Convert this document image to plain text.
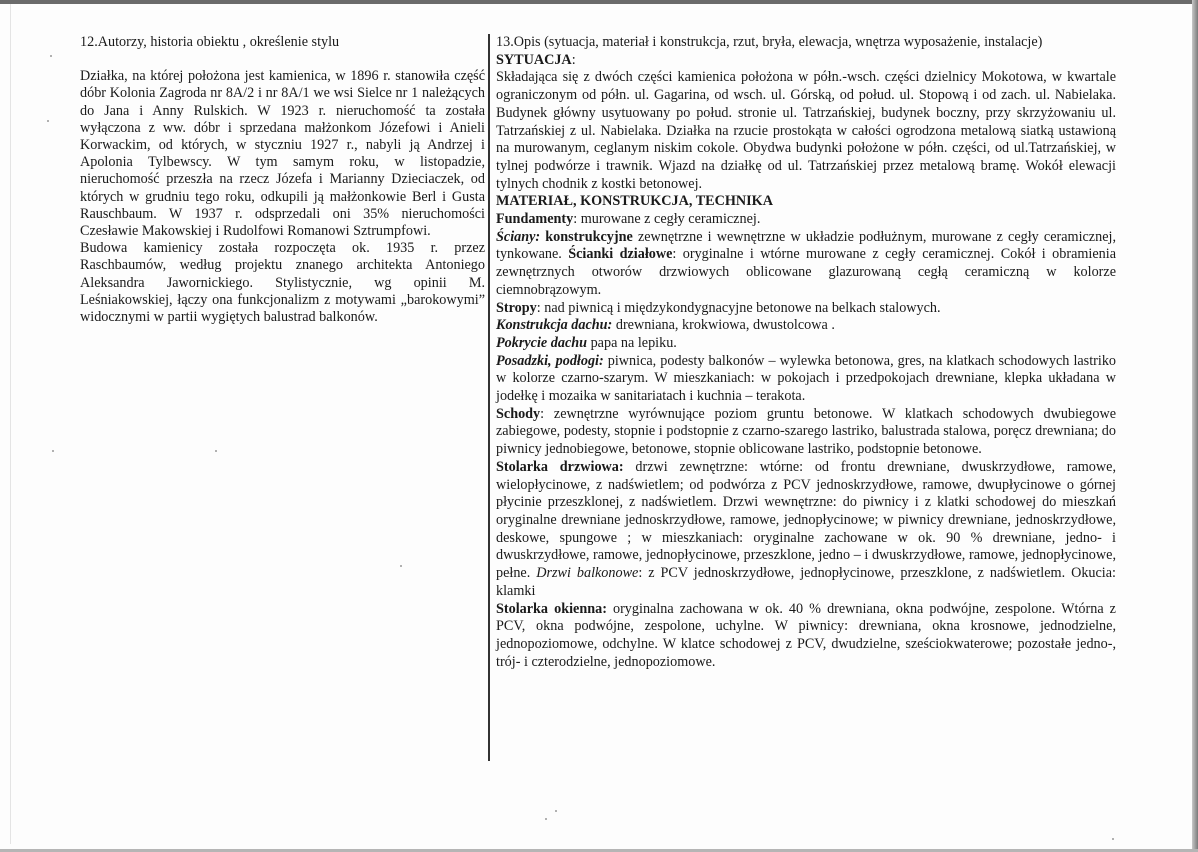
12.Autorzy, historia obiektu , określenie stylu

Działka, na której położona jest kamienica, w 1896 r. stanowiła część dóbr Kolonia Zagroda nr 8A/2 i nr 8A/1 we wsi Sielce nr 1 należących do Jana i Anny Rulskich. W 1923 r. nieruchomość ta została wyłączona z ww. dóbr i sprzedana małżonkom Józefowi i Anieli Korwackim, od których, w styczniu 1927 r., nabyli ją Andrzej i Apolonia Tylbewscy. W tym samym roku, w listopadzie, nieruchomość przeszła na rzecz Józefa i Marianny Dzieciaczek, od których w grudniu tego roku, odkupili ją małżonkowie Berl i Gusta Rauschbaum. W 1937 r. odsprzedali oni 35% nieruchomości Czesławie Makowskiej i Rudolfowi Romanowi Sztrumpfowi.

Budowa kamienicy została rozpoczęta ok. 1935 r. przez Raschbaumów, według projektu znanego architekta Antoniego Aleksandra Jawornickiego. Stylistycznie, wg opinii M. Leśniakowskiej, łączy ona funkcjonalizm z motywami „barokowymi” widocznymi w partii wygiętych balustrad balkonów.

13.Opis (sytuacja, materiał i konstrukcja, rzut, bryła, elewacja, wnętrza wyposażenie, instalacje)

SYTUACJA:

Składająca się z dwóch części kamienica położona w półn.-wsch. części dzielnicy Mokotowa, w kwartale ograniczonym od półn. ul. Gagarina, od wsch. ul. Górską, od połud. ul. Stopową i od zach. ul. Nabielaka. Budynek główny usytuowany po połud. stronie ul. Tatrzańskiej, budynek boczny, przy skrzyżowaniu ul. Tatrzańskiej z ul. Nabielaka. Działka na rzucie prostokąta w całości ogrodzona metalową siatką ustawioną na murowanym, ceglanym niskim cokole. Obydwa budynki położone w półn. części, od ul.Tatrzańskiej, w tylnej podwórze i trawnik. Wjazd na działkę od ul. Tatrzańskiej przez metalową bramę. Wokół elewacji tylnych chodnik z kostki betonowej.

MATERIAŁ, KONSTRUKCJA, TECHNIKA

Fundamenty: murowane z cegły ceramicznej.

Ściany: konstrukcyjne zewnętrzne i wewnętrzne w układzie podłużnym, murowane z cegły ceramicznej, tynkowane. Ścianki działowe: oryginalne i wtórne murowane z cegły ceramicznej. Cokół i obramienia zewnętrznych otworów drzwiowych oblicowane glazurowaną cegłą ceramiczną w kolorze ciemnobrązowym.

Stropy: nad piwnicą i międzykondygnacyjne betonowe na belkach stalowych.

Konstrukcja dachu: drewniana, krokwiowa, dwustolcowa .

Pokrycie dachu papa na lepiku.

Posadzki, podłogi: piwnica, podesty balkonów – wylewka betonowa, gres, na klatkach schodowych lastriko w kolorze czarno-szarym. W mieszkaniach: w pokojach i przedpokojach drewniane, klepka układana w jodełkę i mozaika w sanitariatach i kuchnia – terakota.

Schody: zewnętrzne wyrównujące poziom gruntu betonowe. W klatkach schodowych dwubiegowe zabiegowe, podesty, stopnie i podstopnie z czarno-szarego lastriko, balustrada stalowa, poręcz drewniana; do piwnicy jednobiegowe, betonowe, stopnie oblicowane lastriko, podstopnie betonowe.

Stolarka drzwiowa: drzwi zewnętrzne: wtórne: od frontu drewniane, dwuskrzydłowe, ramowe, wielopłycinowe, z nadświetlem; od podwórza z PCV jednoskrzydłowe, ramowe, dwupłycinowe o górnej płycinie przeszklonej, z nadświetlem. Drzwi wewnętrzne: do piwnicy i z klatki schodowej do mieszkań oryginalne drewniane jednoskrzydłowe, ramowe, jednopłycinowe; w piwnicy drewniane, jednoskrzydłowe, deskowe, spungowe ; w mieszkaniach: oryginalne zachowane w ok. 90 % drewniane, jedno- i dwuskrzydłowe, ramowe, jednopłycinowe, przeszklone, jedno – i dwuskrzydłowe, ramowe, jednopłycinowe, pełne. Drzwi balkonowe: z PCV jednoskrzydłowe, jednopłycinowe, przeszklone, z nadświetlem. Okucia: klamki

Stolarka okienna: oryginalna zachowana w ok. 40 % drewniana, okna podwójne, zespolone. Wtórna z PCV, okna podwójne, zespolone, uchylne. W piwnicy: drewniana, okna krosnowe, jednodzielne, jednopoziomowe, odchylne. W klatce schodowej z PCV, dwudzielne, sześciokwaterowe; pozostałe jedno-, trój- i czterodzielne, jednopoziomowe.
